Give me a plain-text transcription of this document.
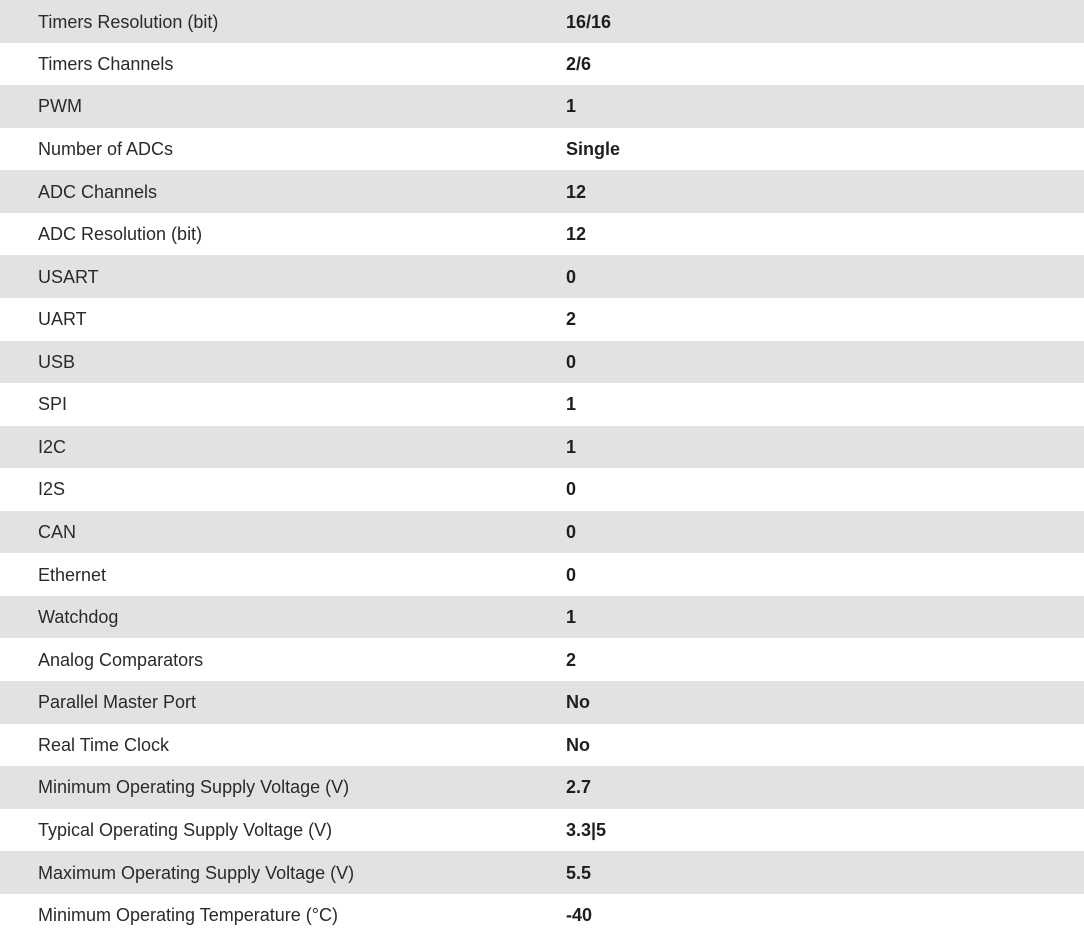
Timers Resolution (bit)	16/16
Timers Channels	2/6
PWM	1
Number of ADCs	Single
ADC Channels	12
ADC Resolution (bit)	12
USART	0
UART	2
USB	0
SPI	1
I2C	1
I2S	0
CAN	0
Ethernet	0
Watchdog	1
Analog Comparators	2
Parallel Master Port	No
Real Time Clock	No
Minimum Operating Supply Voltage (V)	2.7
Typical Operating Supply Voltage (V)	3.3|5
Maximum Operating Supply Voltage (V)	5.5
Minimum Operating Temperature (°C)	-40
